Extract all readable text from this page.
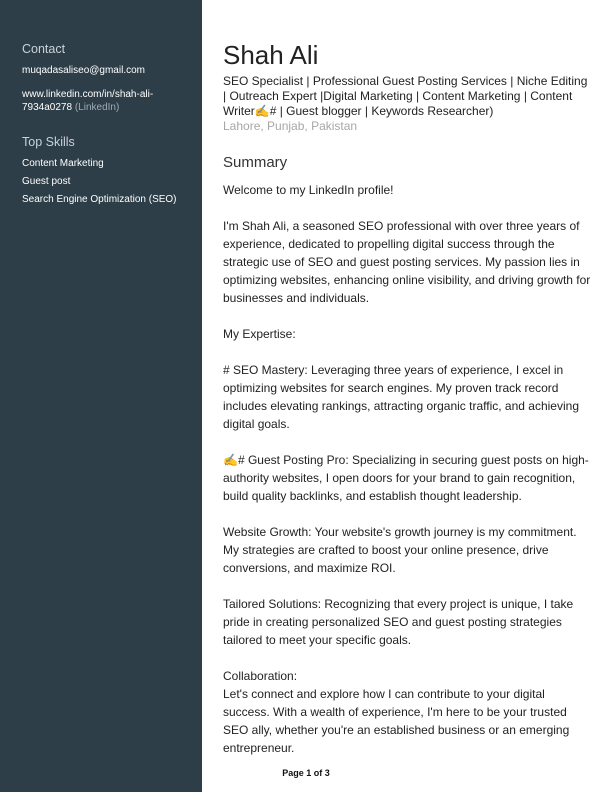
Contact
muqadasaliseo@gmail.com
www.linkedin.com/in/shah-ali-7934a0278 (LinkedIn)
Top Skills
Content Marketing
Guest post
Search Engine Optimization (SEO)
Shah Ali
SEO Specialist | Professional Guest Posting Services | Niche Editing | Outreach Expert |Digital Marketing | Content Marketing | Content Writer✍# | Guest blogger | Keywords Researcher)
Lahore, Punjab, Pakistan
Summary

Welcome to my LinkedIn profile!

I'm Shah Ali, a seasoned SEO professional with over three years of experience, dedicated to propelling digital success through the strategic use of SEO and guest posting services. My passion lies in optimizing websites, enhancing online visibility, and driving growth for businesses and individuals.

My Expertise:

# SEO Mastery: Leveraging three years of experience, I excel in optimizing websites for search engines. My proven track record includes elevating rankings, attracting organic traffic, and achieving digital goals.

✍# Guest Posting Pro: Specializing in securing guest posts on high-authority websites, I open doors for your brand to gain recognition, build quality backlinks, and establish thought leadership.

Website Growth: Your website's growth journey is my commitment. My strategies are crafted to boost your online presence, drive conversions, and maximize ROI.

Tailored Solutions: Recognizing that every project is unique, I take pride in creating personalized SEO and guest posting strategies tailored to meet your specific goals.

Collaboration:

Let's connect and explore how I can contribute to your digital success. With a wealth of experience, I'm here to be your trusted SEO ally, whether you're an established business or an emerging entrepreneur.

Page 1 of 3
